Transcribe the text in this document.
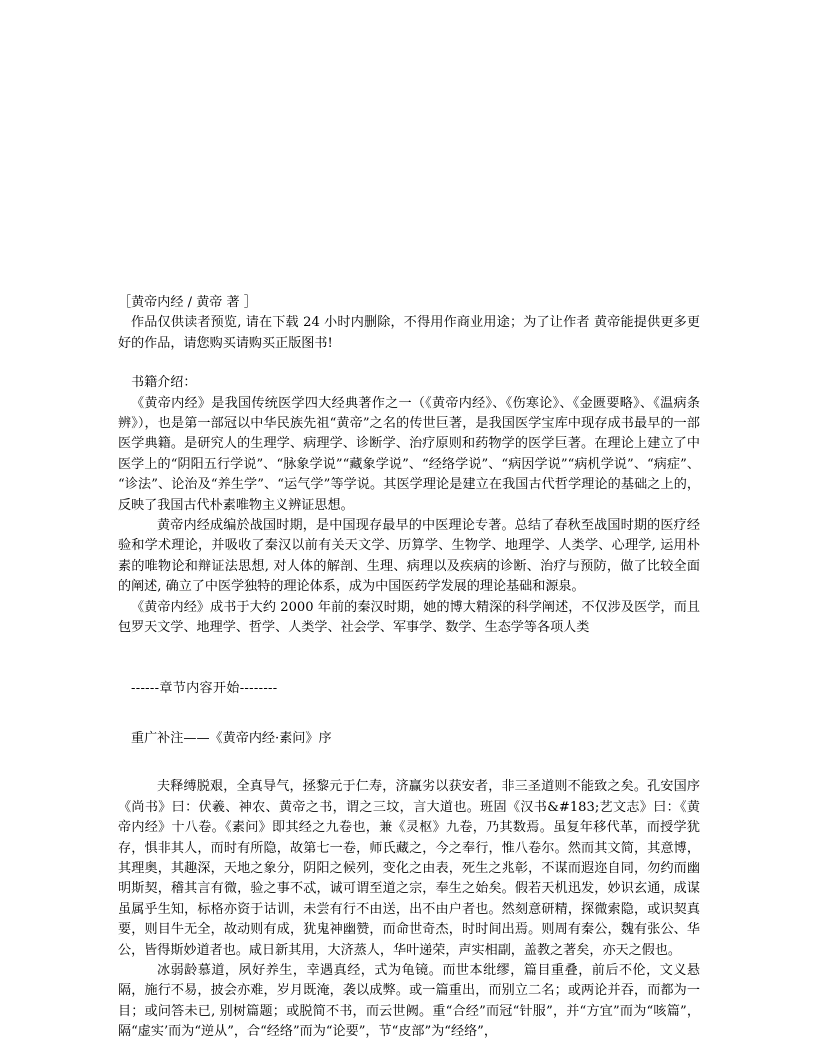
［黄帝内经 / 黄帝 著 ］

作品仅供读者预览, 请在下载 24 小时内删除，不得用作商业用途；为了让作者 黄帝能提供更多更好的作品，请您购买请购买正版图书!

书籍介绍：

《黄帝内经》是我国传统医学四大经典著作之一（《黄帝内经》、《伤寒论》、《金匮要略》、《温病条辨》），也是第一部冠以中华民族先祖“黄帝”之名的传世巨著，是我国医学宝库中现存成书最早的一部医学典籍。是研究人的生理学、病理学、诊断学、治疗原则和药物学的医学巨著。在理论上建立了中医学上的“阴阳五行学说”、“脉象学说”“藏象学说”、“经络学说”、“病因学说”“病机学说”、“病症”、“诊法”、论治及“养生学”、“运气学”等学说。其医学理论是建立在我国古代哲学理论的基础之上的，反映了我国古代朴素唯物主义辨证思想。

黄帝内经成编於战国时期，是中国现存最早的中医理论专著。总结了春秋至战国时期的医疗经验和学术理论，并吸收了秦汉以前有关天文学、历算学、生物学、地理学、人类学、心理学, 运用朴素的唯物论和辩证法思想, 对人体的解剖、生理、病理以及疾病的诊断、治疗与预防，做了比较全面的阐述, 确立了中医学独特的理论体系，成为中国医药学发展的理论基础和源泉。

《黄帝内经》成书于大约 2000 年前的秦汉时期，她的博大精深的科学阐述，不仅涉及医学，而且包罗天文学、地理学、哲学、人类学、社会学、军事学、数学、生态学等各项人类

------章节内容开始--------

重广补注——《黄帝内经·素问》序

夫释缚脱艰，全真导气，拯黎元于仁寿，济赢劣以获安者，非三圣道则不能致之矣。孔安国序《尚书》曰：伏羲、神农、黄帝之书，谓之三坟，言大道也。班固《汉书&#183;艺文志》曰：《黄帝内经》十八卷。《素问》即其经之九卷也，兼《灵枢》九卷，乃其数焉。虽复年移代革，而授学犹存，惧非其人，而时有所隐，故第七一卷，师氏藏之，今之奉行，惟八卷尔。然而其文简，其意博，其理奥，其趣深，天地之象分，阴阳之候列，变化之由表，死生之兆彰，不谋而遐迩自同，勿约而幽明斯契，稽其言有微，验之事不忒，诚可谓至道之宗，奉生之始矣。假若天机迅发，妙识玄通，成谋虽属乎生知，标格亦资于诂训，未尝有行不由送，出不由户者也。然刻意研精，探微索隐，或识契真要，则目牛无全，故动则有成，犹鬼神幽赞，而命世奇杰，时时间出焉。则周有秦公，魏有张公、华公，皆得斯妙道者也。咸日新其用，大济蒸人，华叶递荣，声实相副，盖教之著矣，亦天之假也。

冰弱龄慕道，夙好养生，幸遇真经，式为龟镜。而世本纰缪，篇目重叠，前后不伦，文义悬隔，施行不易，披会亦难，岁月既淹，袭以成弊。或一篇重出，而别立二名；或两论并吞，而都为一目；或问答未已, 别树篇题；或脱简不书，而云世阙。重“合经”而冠“针服”，并“方宜”而为“咳篇”，隔“虚实’而为“逆从”，合“经络”而为“论要”，节“皮部”为“经络”，
